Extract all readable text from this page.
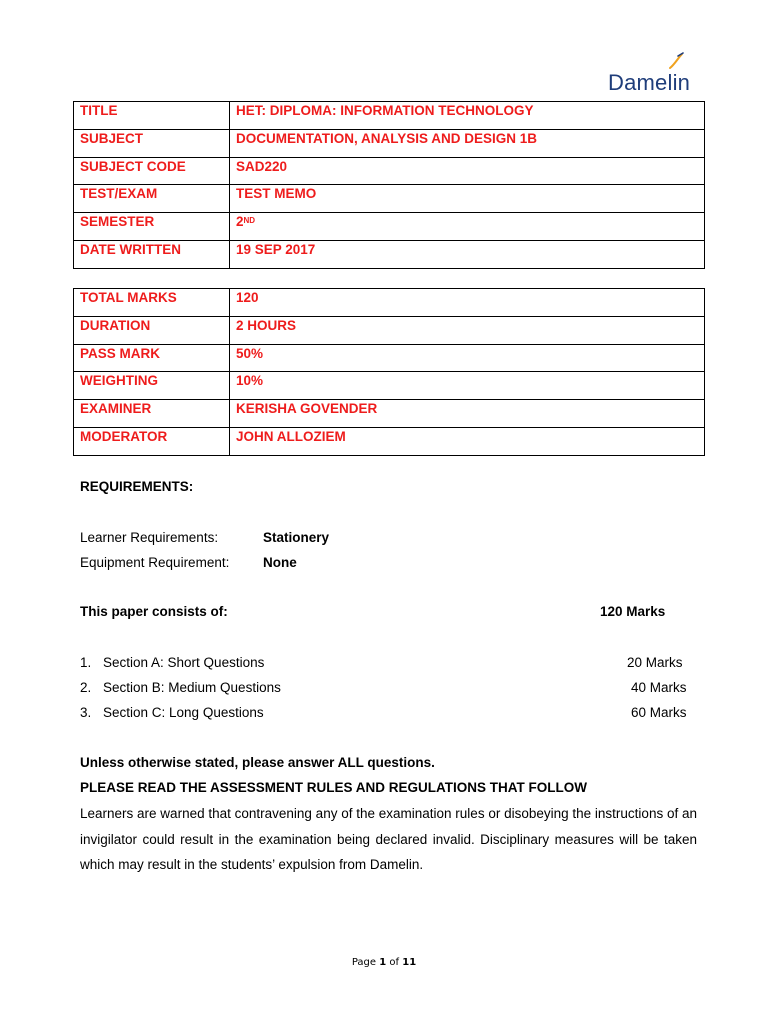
Damelin
TITLE	HET: DIPLOMA: INFORMATION TECHNOLOGY
SUBJECT	DOCUMENTATION, ANALYSIS AND DESIGN 1B
SUBJECT CODE	SAD220
TEST/EXAM	TEST MEMO
SEMESTER	2ND
DATE WRITTEN	19 SEP 2017
TOTAL MARKS	120
DURATION	2 HOURS
PASS MARK	50%
WEIGHTING	10%
EXAMINER	KERISHA GOVENDER
MODERATOR	JOHN ALLOZIEM
REQUIREMENTS:
Learner Requirements:	Stationery
Equipment Requirement: None
This paper consists of:	120 Marks
1. Section A: Short Questions	20 Marks
2. Section B: Medium Questions	40 Marks
3. Section C: Long Questions	60 Marks
Unless otherwise stated, please answer ALL questions.
PLEASE READ THE ASSESSMENT RULES AND REGULATIONS THAT FOLLOW
Learners are warned that contravening any of the examination rules or disobeying the instructions of an invigilator could result in the examination being declared invalid. Disciplinary measures will be taken which may result in the students’ expulsion from Damelin.
Page 1 of 11
